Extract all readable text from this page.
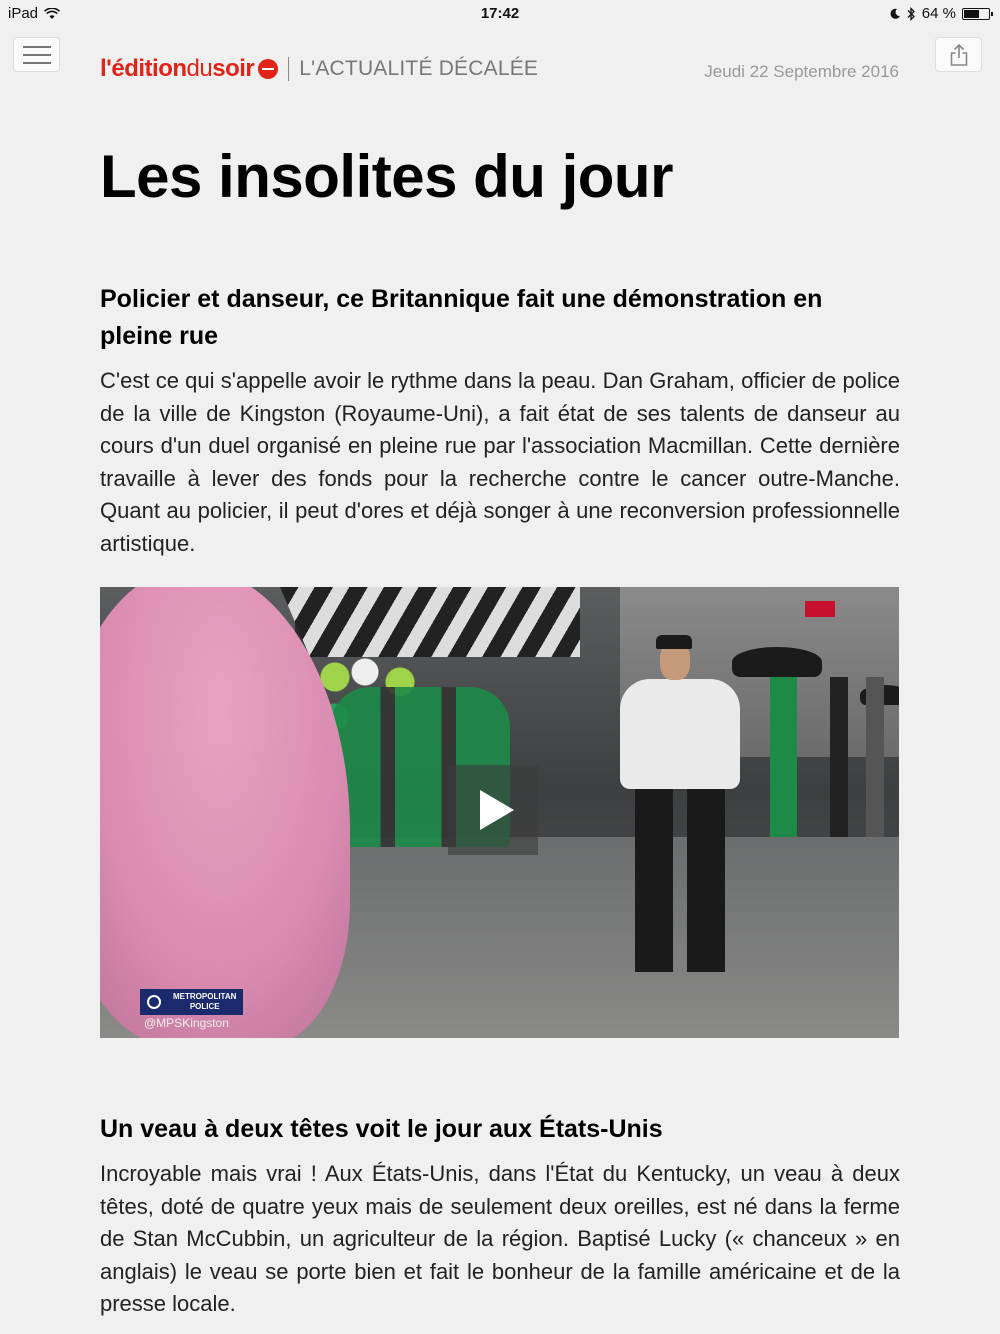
iPad	17:42	64 %
l'édition du soir L'ACTUALITÉ DÉCALÉE	Jeudi 22 Septembre 2016
Les insolites du jour
Policier et danseur, ce Britannique fait une démonstration en pleine rue

C'est ce qui s'appelle avoir le rythme dans la peau. Dan Graham, officier de police de la ville de Kingston (Royaume-Uni), a fait état de ses talents de danseur au cours d'un duel organisé en pleine rue par l'association Macmillan. Cette dernière travaille à lever des fonds pour la recherche contre le cancer outre-Manche. Quant au policier, il peut d'ores et déjà songer à une reconversion professionnelle artistique.

METROPOLITAN
POLICE
@MPSKingston
Un veau à deux têtes voit le jour aux États-Unis

Incroyable mais vrai ! Aux États-Unis, dans l'État du Kentucky, un veau à deux têtes, doté de quatre yeux mais de seulement deux oreilles, est né dans la ferme de Stan McCubbin, un agriculteur de la région. Baptisé Lucky (« chanceux » en anglais) le veau se porte bien et fait le bonheur de la famille américaine et de la presse locale.
